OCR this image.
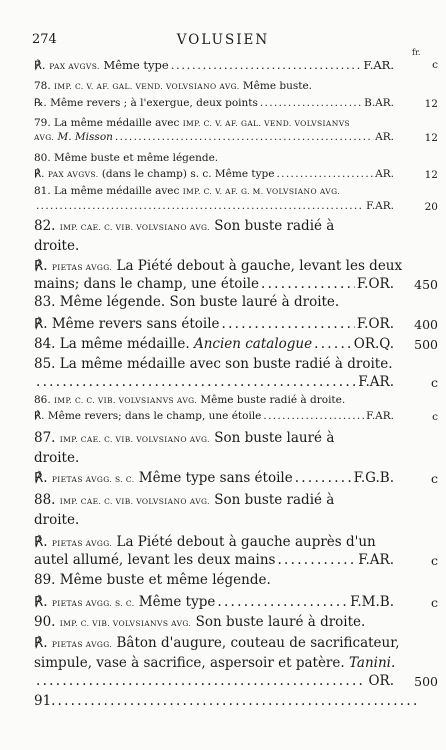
274	VOLUSIEN
fr.
℟. PAX AVGVS. Même type . . .	F.AR.	c
78. IMP. C. V. AF. GAL. VEND. VOLVSIANO AVG. Même buste.
℞. Même revers ; à l'exergue, deux points . . .	B.AR.	12
79. La même médaille avec IMP. C. V. AF. GAL. VEND. VOLVSIANVS
AVG. M. Misson . . .	AR.	12
80. Même buste et même légende.
℟. PAX AVGVS. (dans le champ) s. c. Même type . . .	AR.	12
81. La même médaille avec IMP. C. V. AF. G. M. VOLVSIANO AVG.
. . .
F.AR.	20
82. IMP. CAE. C. VIB. VOLVSIANO AVG. Son buste radié à
droite.
℟. PIETAS AVGG. La Piété debout à gauche, levant les deux
mains; dans le champ, une étoile . . .	F.OR.	450
83. Même légende. Son buste lauré à droite.
℟. Même revers sans étoile . . .	F.OR.	400
84. La même médaille. Ancien catalogue . . .	OR.Q.	500
85. La même médaille avec son buste radié à droite.
. . .
F.AR.	c
86. IMP. C. C. VIB. VOLVSIANVS AVG. Même buste radié à droite.
℟. Même revers; dans le champ, une étoile . . .	F.AR.	c
87. IMP. CAE. C. VIB. VOLVSIANO AVG. Son buste lauré à
droite.
℟. PIETAS AVGG. S. C. Même type sans étoile . . .	F.G.B.	c
88. IMP. CAE. C. VIB. VOLVSIANO AVG. Son buste radié à
droite.
℟. PIETAS AVGG. La Piété debout à gauche auprès d'un
autel allumé, levant les deux mains . . .	F.AR.	c
89. Même buste et même légende.
℟. PIETAS AVGG. S. C. Même type . . .	F.M.B.	c
90. IMP. C. VIB. VOLVSIANVS AVG. Son buste lauré à droite.
℟. PIETAS AVGG. Bâton d'augure, couteau de sacrificateur,
simpule, vase à sacrifice, aspersoir et patère. Tanini.
. . .
OR.	500
91.
. . .
